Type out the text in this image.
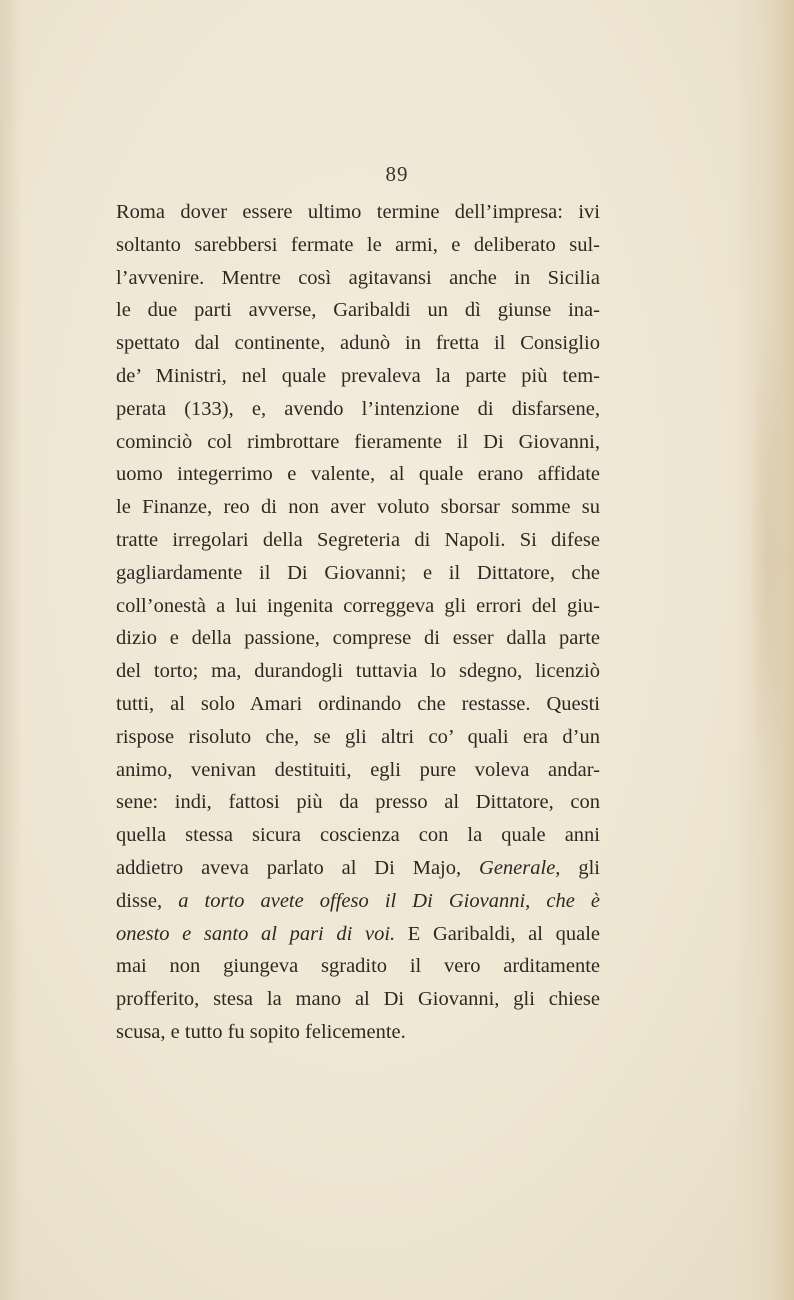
89
Roma dover essere ultimo termine dell’impresa: ivi
soltanto sarebbersi fermate le armi, e deliberato sul-
l’avvenire. Mentre così agitavansi anche in Sicilia
le due parti avverse, Garibaldi un dì giunse ina-
spettato dal continente, adunò in fretta il Consiglio
de’ Ministri, nel quale prevaleva la parte più tem-
perata (133), e, avendo l’intenzione di disfarsene,
cominciò col rimbrottare fieramente il Di Giovanni,
uomo integerrimo e valente, al quale erano affidate
le Finanze, reo di non aver voluto sborsar somme su
tratte irregolari della Segreteria di Napoli. Si difese
gagliardamente il Di Giovanni; e il Dittatore, che
coll’onestà a lui ingenita correggeva gli errori del giu-
dizio e della passione, comprese di esser dalla parte
del torto; ma, durandogli tuttavia lo sdegno, licenziò
tutti, al solo Amari ordinando che restasse. Questi
rispose risoluto che, se gli altri co’ quali era d’un
animo, venivan destituiti, egli pure voleva andar-
sene: indi, fattosi più da presso al Dittatore, con
quella stessa sicura coscienza con la quale anni
addietro aveva parlato al Di Majo, Generale, gli
disse, a torto avete offeso il Di Giovanni, che è
onesto e santo al pari di voi. E Garibaldi, al quale
mai non giungeva sgradito il vero arditamente
profferito, stesa la mano al Di Giovanni, gli chiese
scusa, e tutto fu sopito felicemente.
